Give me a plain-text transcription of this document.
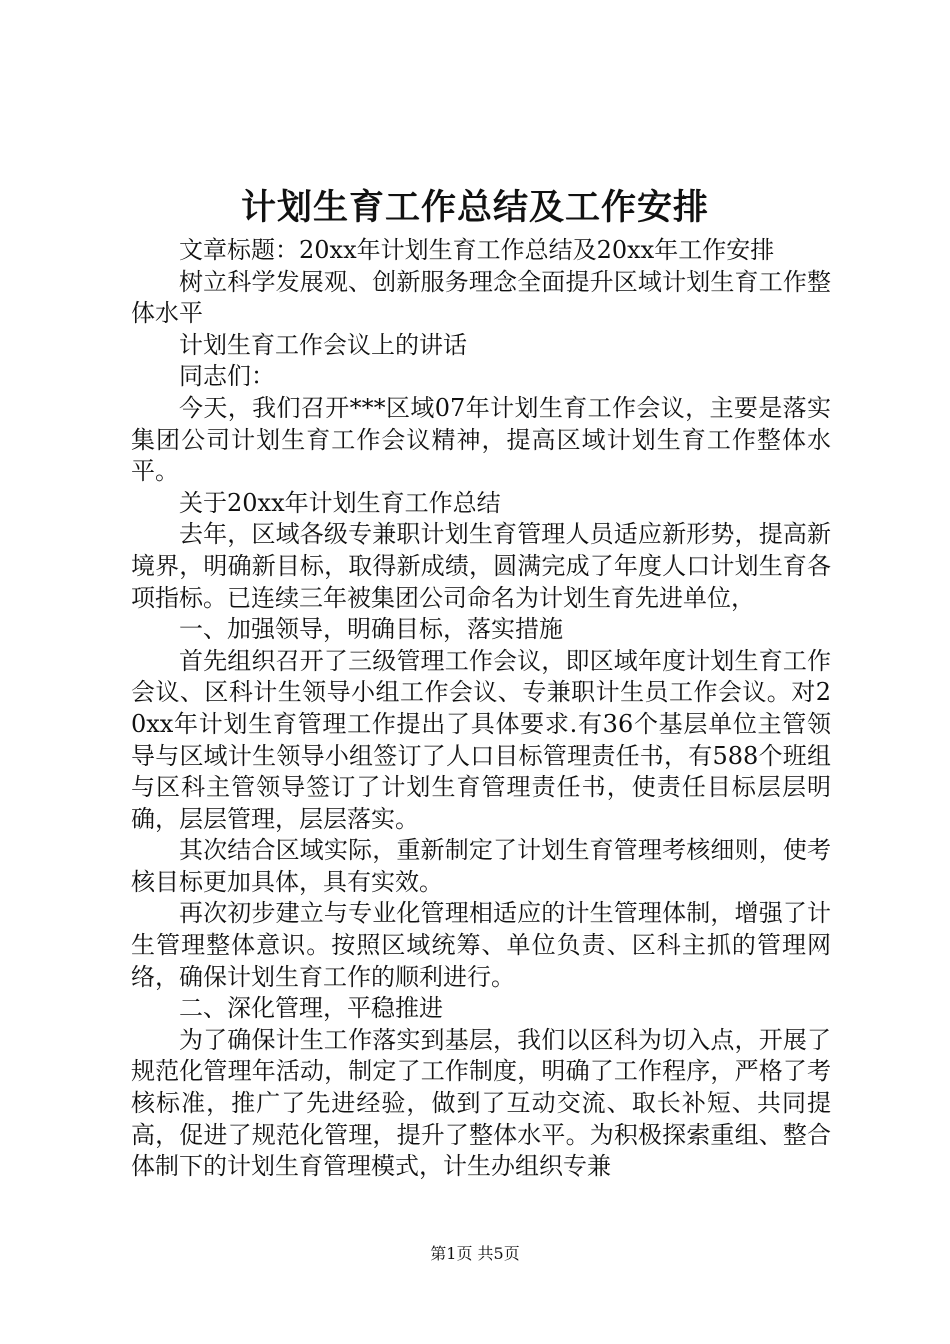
计划生育工作总结及工作安排

文章标题：20xx年计划生育工作总结及20xx年工作安排

树立科学发展观、创新服务理念全面提升区域计划生育工作整体水平

计划生育工作会议上的讲话

同志们：

今天，我们召开***区域07年计划生育工作会议，主要是落实集团公司计划生育工作会议精神，提高区域计划生育工作整体水平。

关于20xx年计划生育工作总结

去年，区域各级专兼职计划生育管理人员适应新形势，提高新境界，明确新目标，取得新成绩，圆满完成了年度人口计划生育各项指标。已连续三年被集团公司命名为计划生育先进单位，

一、加强领导，明确目标，落实措施

首先组织召开了三级管理工作会议，即区域年度计划生育工作会议、区科计生领导小组工作会议、专兼职计生员工作会议。对20xx年计划生育管理工作提出了具体要求.有36个基层单位主管领导与区域计生领导小组签订了人口目标管理责任书，有588个班组与区科主管领导签订了计划生育管理责任书，使责任目标层层明确，层层管理，层层落实。

其次结合区域实际，重新制定了计划生育管理考核细则，使考核目标更加具体，具有实效。

再次初步建立与专业化管理相适应的计生管理体制，增强了计生管理整体意识。按照区域统筹、单位负责、区科主抓的管理网络，确保计划生育工作的顺利进行。

二、深化管理，平稳推进

为了确保计生工作落实到基层，我们以区科为切入点，开展了规范化管理年活动，制定了工作制度，明确了工作程序，严格了考核标准，推广了先进经验，做到了互动交流、取长补短、共同提高，促进了规范化管理，提升了整体水平。为积极探索重组、整合体制下的计划生育管理模式，计生办组织专兼

第1页 共5页
